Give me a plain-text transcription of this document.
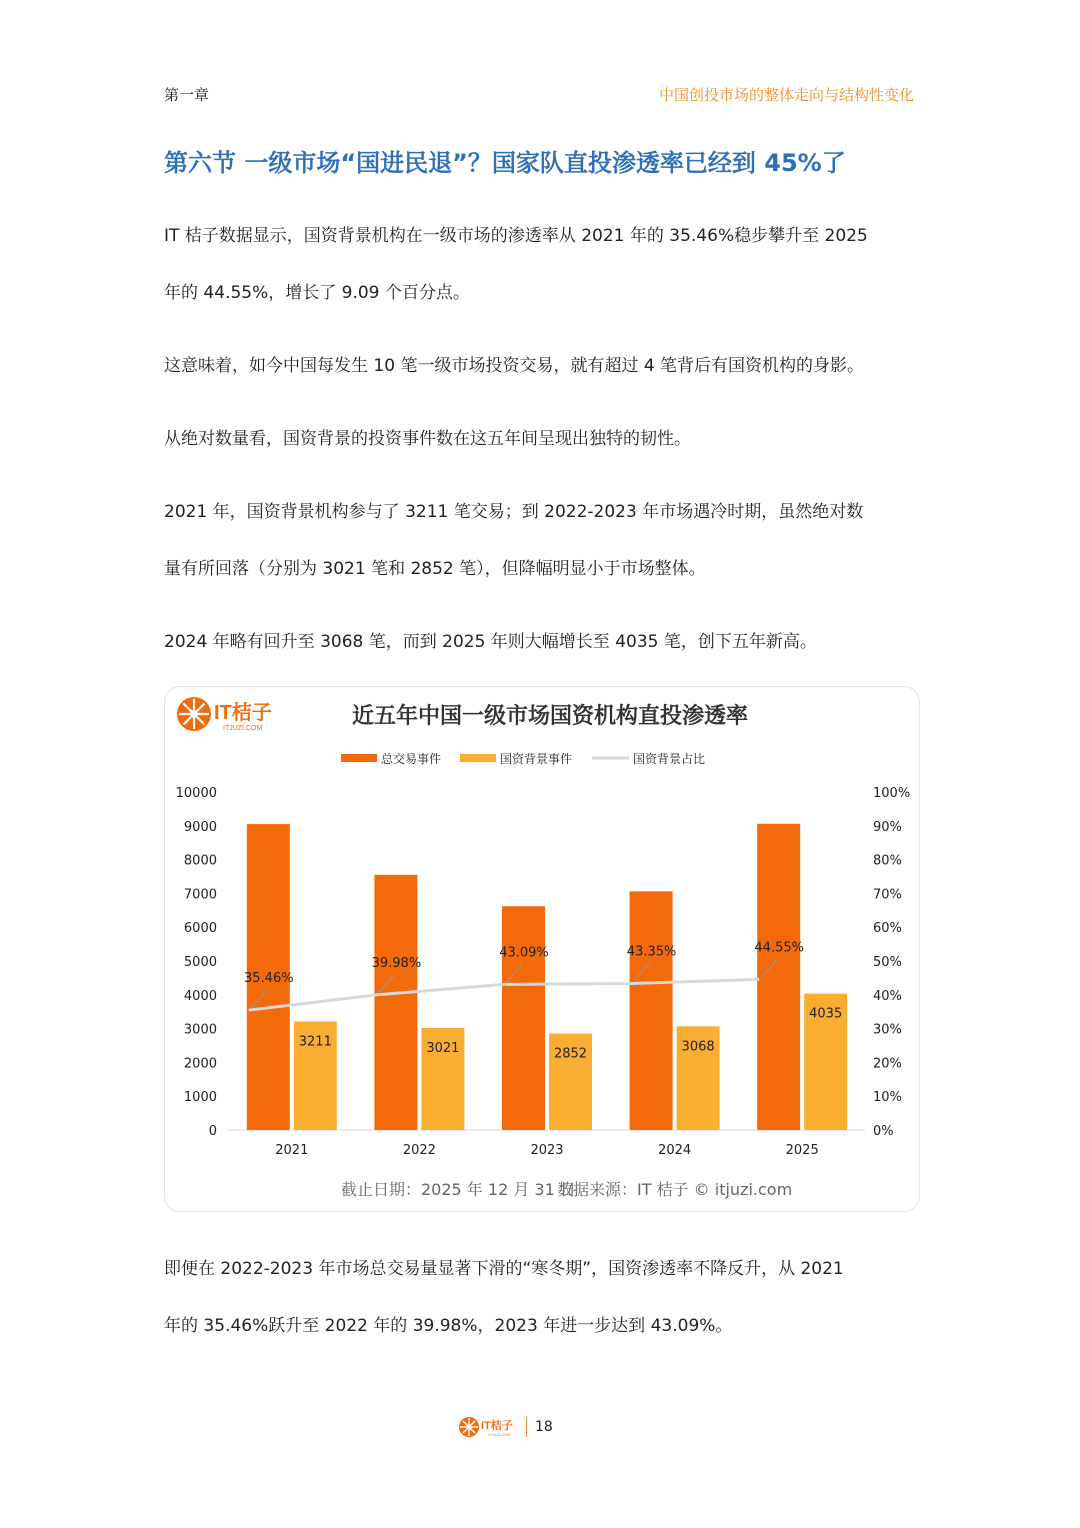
第一章	中国创投市场的整体走向与结构性变化
第六节 一级市场“国进民退”？国家队直投渗透率已经到 45%了
IT 桔子数据显示，国资背景机构在一级市场的渗透率从 2021 年的 35.46%稳步攀升至 2025
年的 44.55%，增长了 9.09 个百分点。
这意味着，如今中国每发生 10 笔一级市场投资交易，就有超过 4 笔背后有国资机构的身影。
从绝对数量看，国资背景的投资事件数在这五年间呈现出独特的韧性。
2021 年，国资背景机构参与了 3211 笔交易；到 2022-2023 年市场遇冷时期，虽然绝对数
量有所回落（分别为 3021 笔和 2852 笔），但降幅明显小于市场整体。
2024 年略有回升至 3068 笔，而到 2025 年则大幅增长至 4035 笔，创下五年新高。
IT桔子
ITJUZI.COM	近五年中国一级市场国资机构直投渗透率
总交易事件	国资背景事件	国资背景占比
0
1000
2000
3000
4000
5000
6000
7000
8000
9000
10000
0%
10%
20%
30%
40%
50%
60%
70%
80%
90%
100%
3211	3021	2852	3068
4035
35.46%
39.98%
43.09%	43.35%	44.55%
2021	2022	2023	2024	2025
截止日期：2025 年 12 月 31 日
数据来源：IT 桔子 © itjuzi.com
即便在 2022-2023 年市场总交易量显著下滑的“寒冬期”，国资渗透率不降反升，从 2021
年的 35.46%跃升至 2022 年的 39.98%，2023 年进一步达到 43.09%。
IT桔子
ITJUZI.COM 18
